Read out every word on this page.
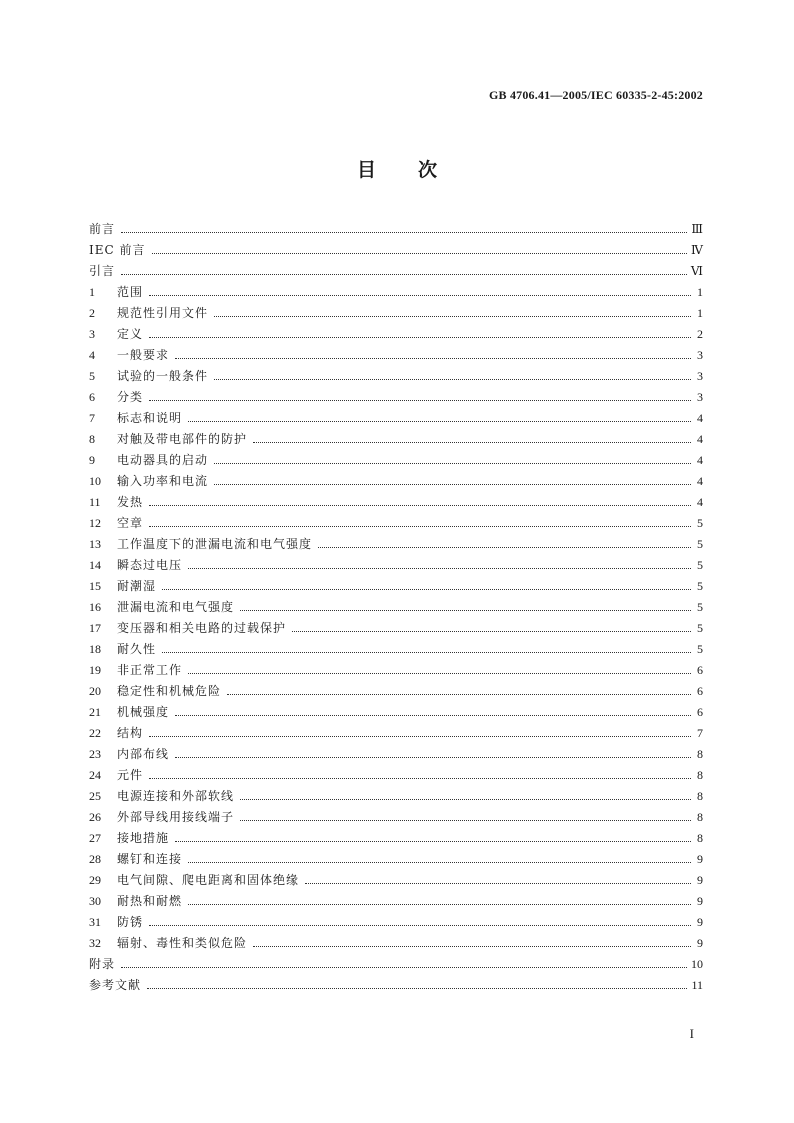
GB 4706.41—2005/IEC 60335-2-45:2002
目次
前言	Ⅲ
IEC 前言	Ⅳ
引言	Ⅵ
1	范围	1
2	规范性引用文件	1
3	定义	2
4	一般要求	3
5	试验的一般条件	3
6	分类	3
7	标志和说明	4
8	对触及带电部件的防护	4
9	电动器具的启动	4
10	输入功率和电流	4
11	发热	4
12	空章	5
13	工作温度下的泄漏电流和电气强度	5
14	瞬态过电压	5
15	耐潮湿	5
16	泄漏电流和电气强度	5
17	变压器和相关电路的过载保护	5
18	耐久性	5
19	非正常工作	6
20	稳定性和机械危险	6
21	机械强度	6
22	结构	7
23	内部布线	8
24	元件	8
25	电源连接和外部软线	8
26	外部导线用接线端子	8
27	接地措施	8
28	螺钉和连接	9
29	电气间隙、爬电距离和固体绝缘	9
30	耐热和耐燃	9
31	防锈	9
32	辐射、毒性和类似危险	9
附录	10
参考文献	11
I
